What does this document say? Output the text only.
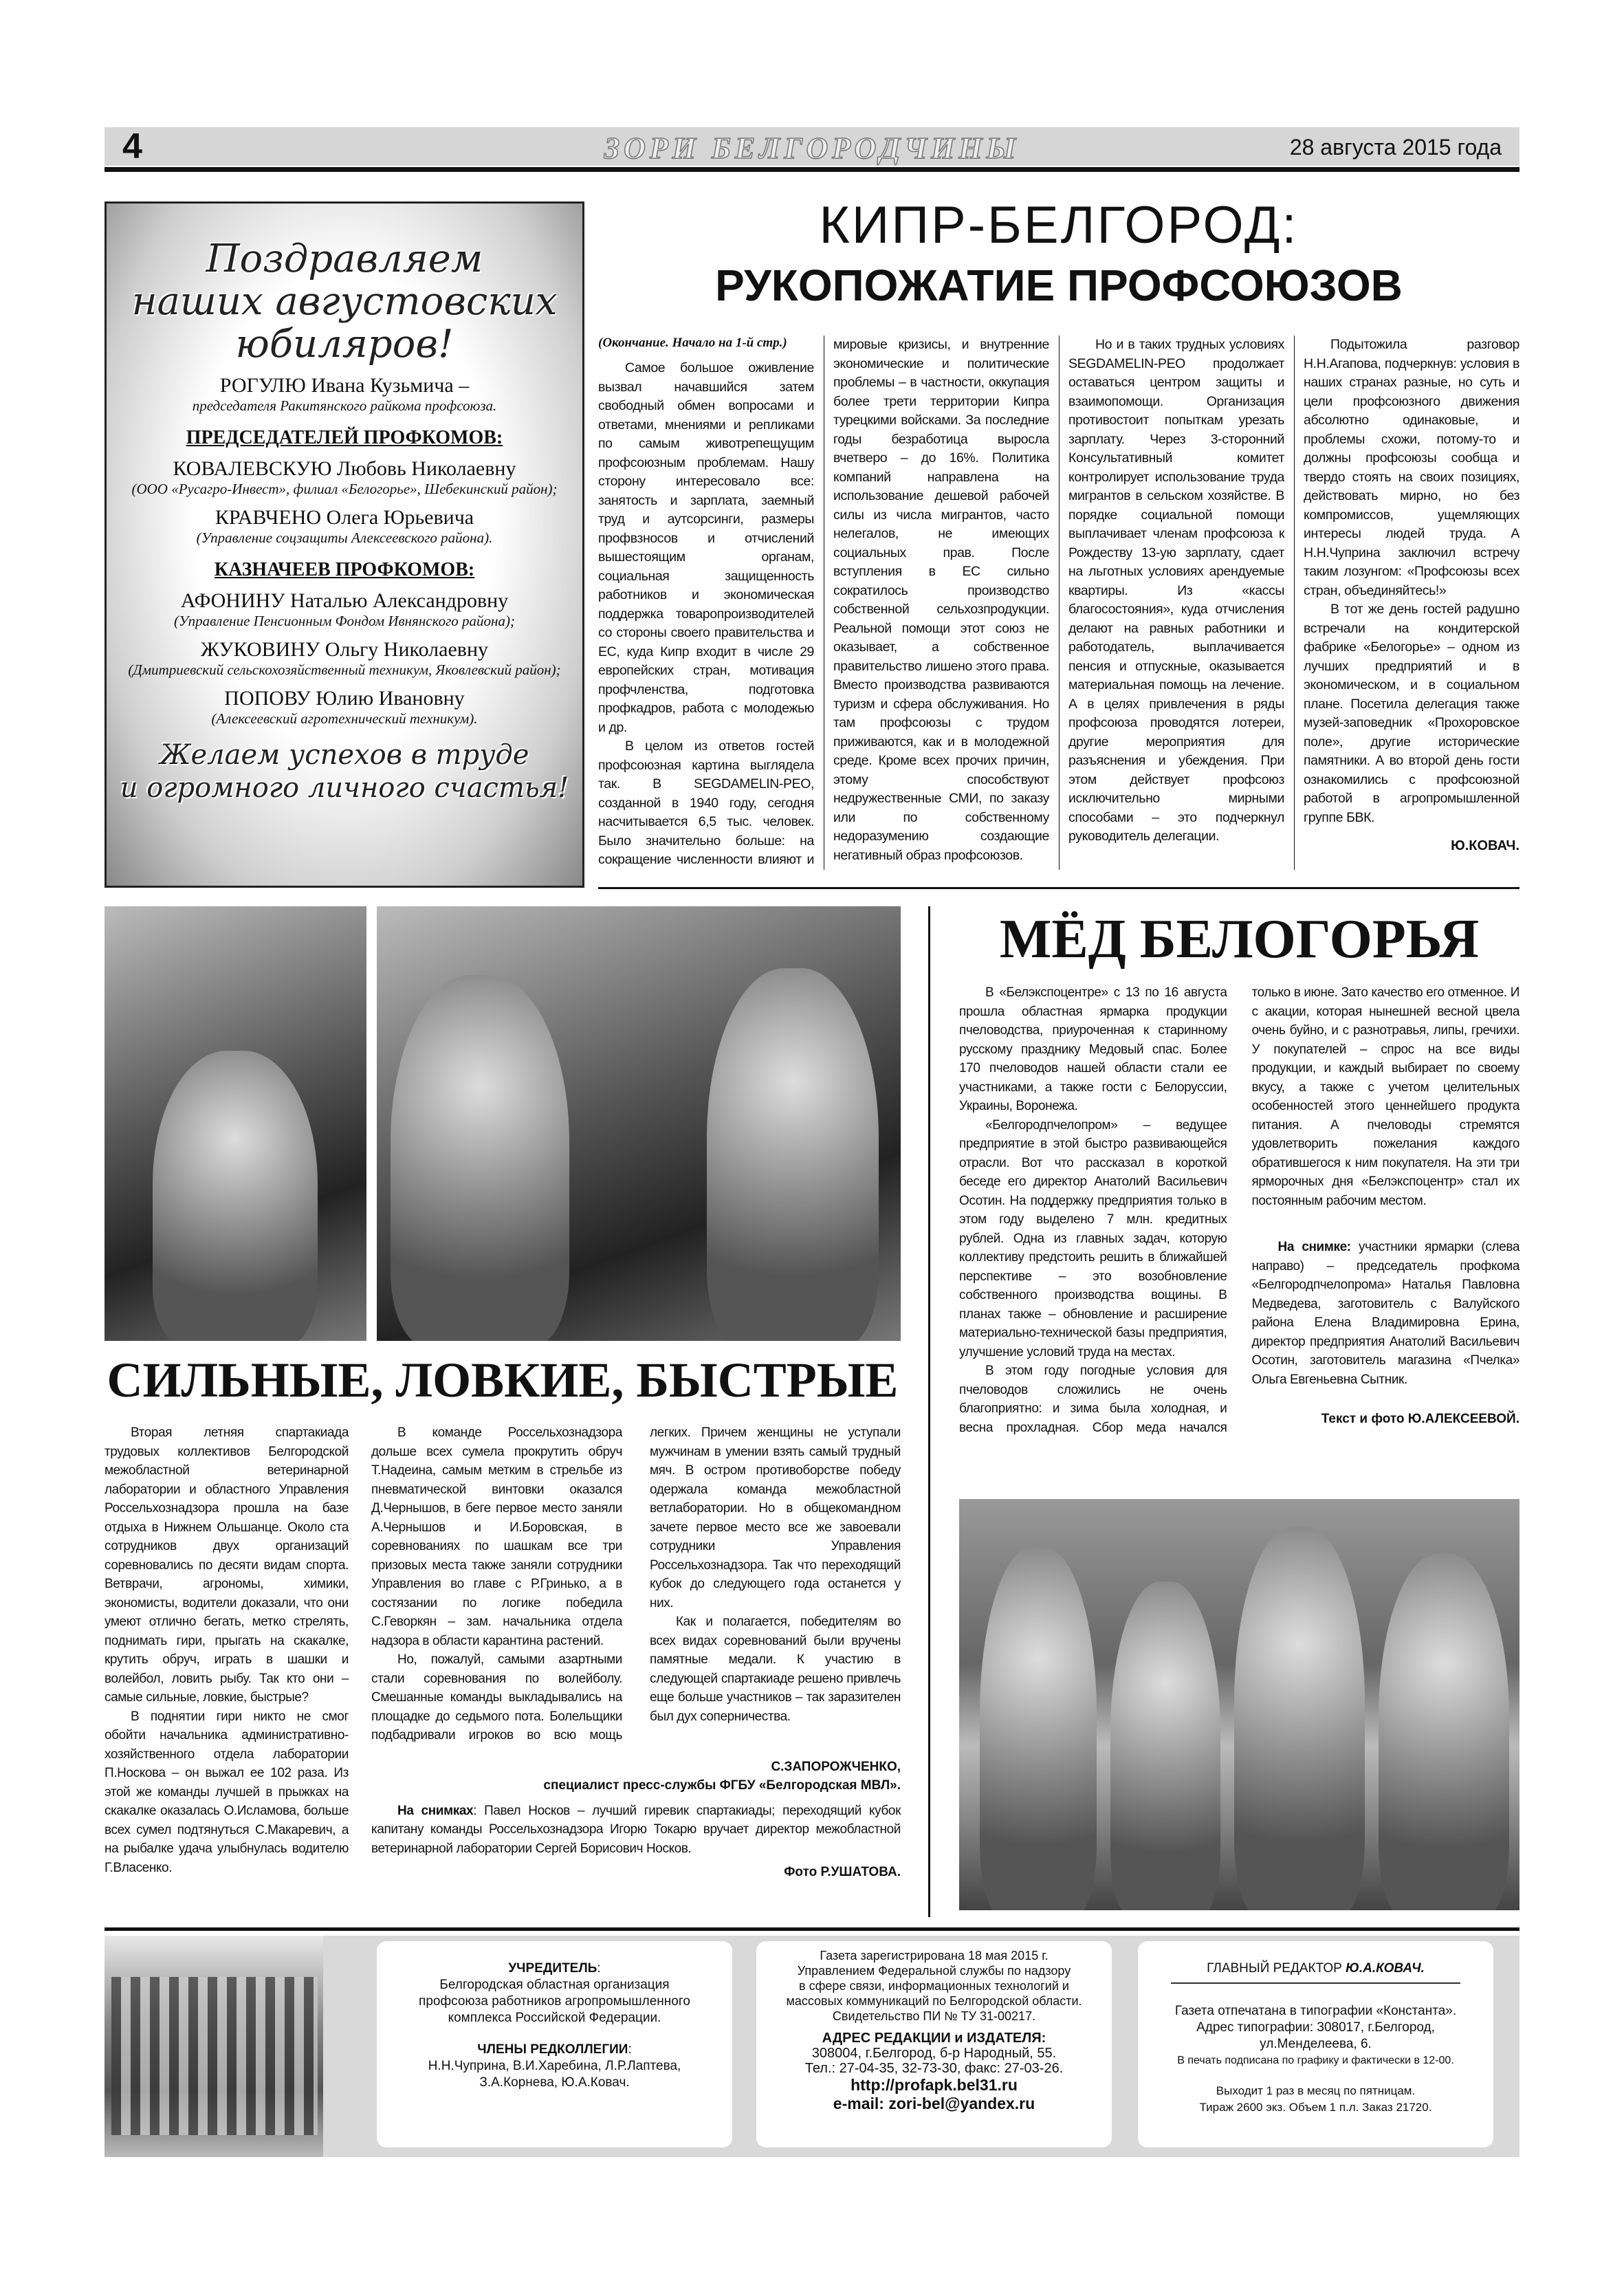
4	ЗОРИ БЕЛГОРОДЧИНЫ	28 августа 2015 года
Поздравляем
наших августовских
юбиляров!
РОГУЛЮ Ивана Кузьмича –
председателя Ракитянского райкома профсоюза.
ПРЕДСЕДАТЕЛЕЙ ПРОФКОМОВ:
КОВАЛЕВСКУЮ Любовь Николаевну
(ООО «Русагро-Инвест», филиал «Белогорье», Шебекинский район);
КРАВЧЕНО Олега Юрьевича
(Управление соцзащиты Алексеевского района).
КАЗНАЧЕЕВ ПРОФКОМОВ:
АФОНИНУ Наталью Александровну
(Управление Пенсионным Фондом Ивнянского района);
ЖУКОВИНУ Ольгу Николаевну
(Дмитриевский сельскохозяйственный техникум, Яковлевский район);
ПОПОВУ Юлию Ивановну
(Алексеевский агротехнический техникум).
Желаем успехов в труде
и огромного личного счастья!
КИПР-БЕЛГОРОД:
РУКОПОЖАТИЕ ПРОФСОЮЗОВ

(Окончание. Начало на 1-й стр.)

Самое большое оживление вызвал начавшийся затем свободный обмен вопросами и ответами, мнениями и репликами по самым животрепещущим профсоюзным проблемам. Нашу сторону интересовало все: занятость и зарплата, заемный труд и аутсорсинги, размеры профвзносов и отчислений вышестоящим органам, социальная защищенность работников и экономическая поддержка товаропроизводителей со стороны своего правительства и ЕС, куда Кипр входит в числе 29 европейских стран, мотивация профчленства, подготовка профкадров, работа с молодежью и др.

В целом из ответов гостей профсоюзная картина выглядела так. В SEGDAMELIN-PEO, созданной в 1940 году, сегодня насчитывается 6,5 тыс. человек. Было значительно больше: на сокращение численности влияют и мировые кризисы, и внутренние экономические и политические проблемы – в частности, оккупация более трети территории Кипра турецкими войсками. За последние годы безработица выросла вчетверо – до 16%. Политика компаний направлена на использование дешевой рабочей силы из числа мигрантов, часто нелегалов, не имеющих социальных прав. После вступления в ЕС сильно сократилось производство собственной сельхозпродукции. Реальной помощи этот союз не оказывает, а собственное правительство лишено этого права. Вместо производства развиваются туризм и сфера обслуживания. Но там профсоюзы с трудом приживаются, как и в молодежной среде. Кроме всех прочих причин, этому способствуют недружественные СМИ, по заказу или по собственному недоразумению создающие негативный образ профсоюзов.

Но и в таких трудных условиях SEGDAMELIN-PEO продолжает оставаться центром защиты и взаимопомощи. Организация противостоит попыткам урезать зарплату. Через 3-сторонний Консультативный комитет контролирует использование труда мигрантов в сельском хозяйстве. В порядке социальной помощи выплачивает членам профсоюза к Рождеству 13-ую зарплату, сдает на льготных условиях арендуемые квартиры. Из «кассы благосостояния», куда отчисления делают на равных работники и работодатель, выплачивается пенсия и отпускные, оказывается материальная помощь на лечение. А в целях привлечения в ряды профсоюза проводятся лотереи, другие мероприятия для разъяснения и убеждения. При этом действует профсоюз исключительно мирными способами – это подчеркнул руководитель делегации.

Подытожила разговор Н.Н.Агапова, подчеркнув: условия в наших странах разные, но суть и цели профсоюзного движения абсолютно одинаковые, и проблемы схожи, потому-то и должны профсоюзы сообща и твердо стоять на своих позициях, действовать мирно, но без компромиссов, ущемляющих интересы людей труда. А Н.Н.Чуприна заключил встречу таким лозунгом: «Профсоюзы всех стран, объединяйтесь!»

В тот же день гостей радушно встречали на кондитерской фабрике «Белогорье» – одном из лучших предприятий и в экономическом, и в социальном плане. Посетила делегация также музей-заповедник «Прохоровское поле», другие исторические памятники. А во второй день гости ознакомились с профсоюзной работой в агропромышленной группе БВК.

Ю.КОВАЧ.
СИЛЬНЫЕ, ЛОВКИЕ, БЫСТРЫЕ

Вторая летняя спартакиада трудовых коллективов Белгородской межобластной ветеринарной лаборатории и областного Управления Россельхознадзора прошла на базе отдыха в Нижнем Ольшанце. Около ста сотрудников двух организаций соревновались по десяти видам спорта. Ветврачи, агрономы, химики, экономисты, водители доказали, что они умеют отлично бегать, метко стрелять, поднимать гири, прыгать на скакалке, крутить обруч, играть в шашки и волейбол, ловить рыбу. Так кто они – самые сильные, ловкие, быстрые?

В поднятии гири никто не смог обойти начальника административно-хозяйственного отдела лаборатории П.Носкова – он выжал ее 102 раза. Из этой же команды лучшей в прыжках на скакалке оказалась О.Исламова, больше всех сумел подтянуться С.Макаревич, а на рыбалке удача улыбнулась водителю Г.Власенко.

В команде Россельхознадзора дольше всех сумела прокрутить обруч Т.Надеина, самым метким в стрельбе из пневматической винтовки оказался Д.Чернышов, в беге первое место заняли А.Чернышов и И.Боровская, в соревнованиях по шашкам все три призовых места также заняли сотрудники Управления во главе с Р.Гринько, а в состязании по логике победила С.Геворкян – зам. начальника отдела надзора в области карантина растений.

Но, пожалуй, самыми азартными стали соревнования по волейболу. Смешанные команды выкладывались на площадке до седьмого пота. Болельщики подбадривали игроков во всю мощь легких. Причем женщины не уступали мужчинам в умении взять самый трудный мяч. В остром противоборстве победу одержала команда межобластной ветлаборатории. Но в общекомандном зачете первое место все же завоевали сотрудники Управления Россельхознадзора. Так что переходящий кубок до следующего года останется у них.

Как и полагается, победителям во всех видах соревнований были вручены памятные медали. К участию в следующей спартакиаде решено привлечь еще больше участников – так заразителен был дух соперничества.

С.ЗАПОРОЖЧЕНКО,
специалист пресс-службы ФГБУ «Белгородская МВЛ».

На снимках: Павел Носков – лучший гиревик спартакиады; переходящий кубок капитану команды Россельхознадзора Игорю Токарю вручает директор межобластной ветеринарной лаборатории Сергей Борисович Носков.

Фото Р.УШАТОВА.
МЁД БЕЛОГОРЬЯ

В «Белэкспоцентре» с 13 по 16 августа прошла областная ярмарка продукции пчеловодства, приуроченная к старинному русскому празднику Медовый спас. Более 170 пчеловодов нашей области стали ее участниками, а также гости с Белоруссии, Украины, Воронежа.

«Белгородпчелопром» – ведущее предприятие в этой быстро развивающейся отрасли. Вот что рассказал в короткой беседе его директор Анатолий Васильевич Осотин. На поддержку предприятия только в этом году выделено 7 млн. кредитных рублей. Одна из главных задач, которую коллективу предстоить решить в ближайшей перспективе – это возобновление собственного производства вощины. В планах также – обновление и расширение материально-технической базы предприятия, улучшение условий труда на местах.

В этом году погодные условия для пчеловодов сложились не очень благоприятно: и зима была холодная, и весна прохладная. Сбор меда начался только в июне. Зато качество его отменное. И с акации, которая нынешней весной цвела очень буйно, и с разнотравья, липы, гречихи. У покупателей – спрос на все виды продукции, и каждый выбирает по своему вкусу, а также с учетом целительных особенностей этого ценнейшего продукта питания. А пчеловоды стремятся удовлетворить пожелания каждого обратившегося к ним покупателя. На эти три ярморочных дня «Белэкспоцентр» стал их постоянным рабочим местом.

На снимке: участники ярмарки (слева направо) – председатель профкома «Белгородпчелопрома» Наталья Павловна Медведева, заготовитель с Валуйского района Елена Владимировна Ерина, директор предприятия Анатолий Васильевич Осотин, заготовитель магазина «Пчелка» Ольга Евгеньевна Сытник.

Текст и фото Ю.АЛЕКСЕЕВОЙ.
УЧРЕДИТЕЛЬ:
Белгородская областная организация
профсоюза работников агропромышленного
комплекса Российской Федерации.
ЧЛЕНЫ РЕДКОЛЛЕГИИ:
Н.Н.Чуприна, В.И.Харебина, Л.Р.Лаптева,
З.А.Корнева, Ю.А.Ковач.
Газета зарегистрирована 18 мая 2015 г.
Управлением Федеральной службы по надзору
в сфере связи, информационных технологий и
массовых коммуникаций по Белгородской области.
Свидетельство ПИ № ТУ 31-00217.
АДРЕС РЕДАКЦИИ и ИЗДАТЕЛЯ:
308004, г.Белгород, б-р Народный, 55.
Тел.: 27-04-35, 32-73-30, факс: 27-03-26.
http://profapk.bel31.ru
e-mail: zori-bel@yandex.ru
ГЛАВНЫЙ РЕДАКТОР Ю.А.КОВАЧ.
Газета отпечатана в типографии «Константа».
Адрес типографии: 308017, г.Белгород,
ул.Менделеева, 6.
В печать подписана по графику и фактически в 12-00.
Выходит 1 раз в месяц по пятницам.
Тираж 2600 экз. Объем 1 п.л. Заказ 21720.
